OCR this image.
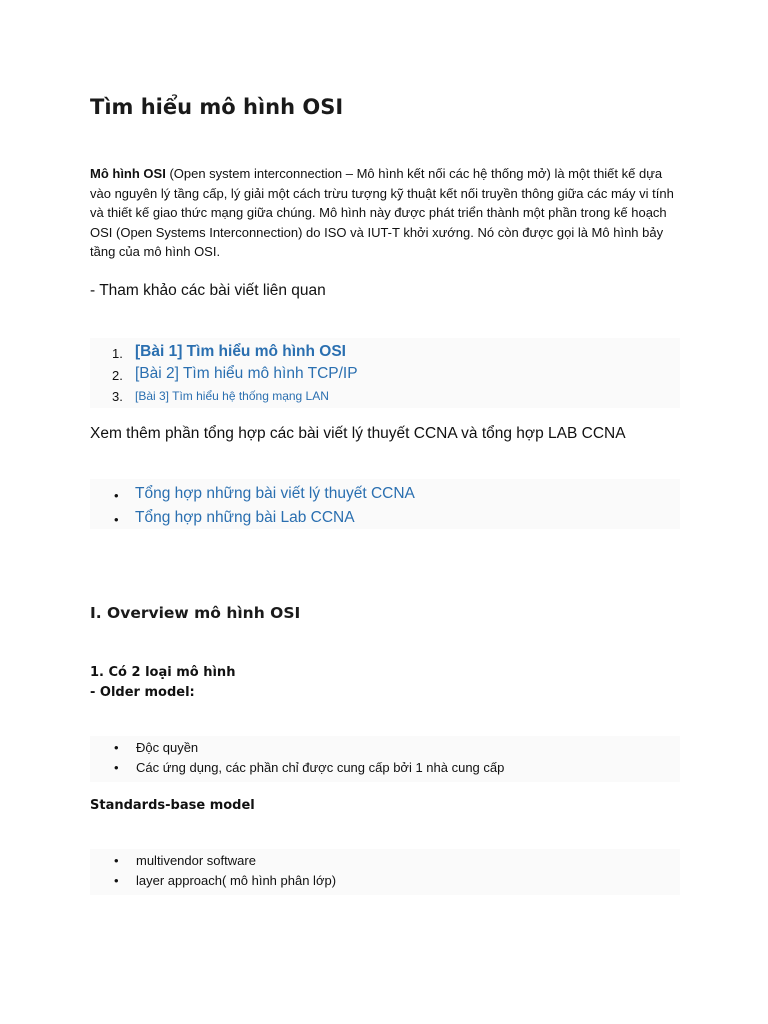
Tìm hiểu mô hình OSI
Mô hình OSI (Open system interconnection – Mô hình kết nối các hệ thống mở) là một thiết kế dựa vào nguyên lý tầng cấp, lý giải một cách trừu tượng kỹ thuật kết nối truyền thông giữa các máy vi tính và thiết kế giao thức mạng giữa chúng. Mô hình này được phát triển thành một phần trong kế hoạch OSI (Open Systems Interconnection) do ISO và IUT-T khởi xướng. Nó còn được gọi là Mô hình bảy tầng của mô hình OSI.
- Tham khảo các bài viết liên quan
1. [Bài 1] Tìm hiểu mô hình OSI
2. [Bài 2] Tìm hiểu mô hình TCP/IP
3. [Bài 3] Tìm hiểu hệ thống mạng LAN
Xem thêm phần tổng hợp các bài viết lý thuyết CCNA và tổng hợp LAB CCNA
• Tổng hợp những bài viết lý thuyết CCNA
• Tổng hợp những bài Lab CCNA
I. Overview mô hình OSI
1. Có 2 loại mô hình
- Older model:
• Độc quyền
• Các ứng dụng, các phần chỉ được cung cấp bởi 1 nhà cung cấp
Standards-base model
• multivendor software
• layer approach( mô hình phân lớp)
